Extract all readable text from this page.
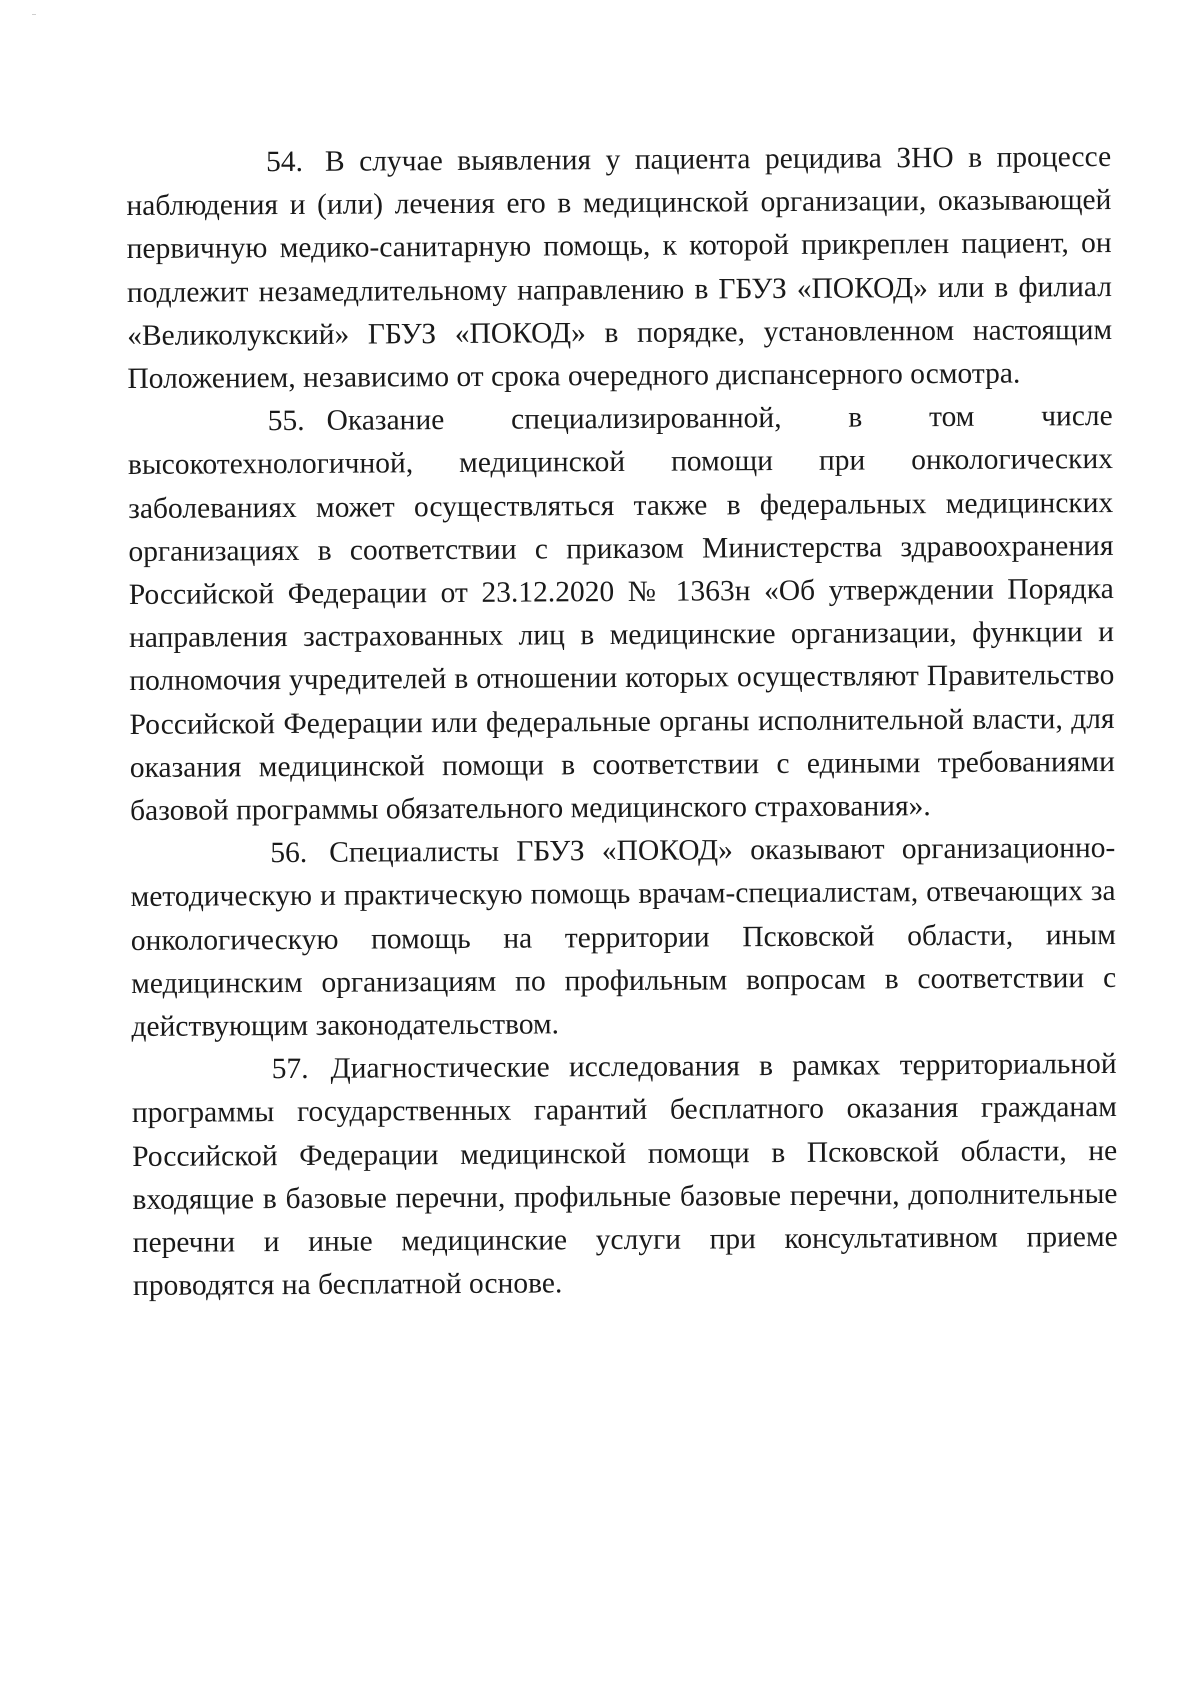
54. В случае выявления у пациента рецидива ЗНО в процессе наблюдения и (или) лечения его в медицинской организации, оказывающей первичную медико-санитарную помощь, к которой прикреплен пациент, он подлежит незамедлительному направлению в ГБУЗ «ПОКОД» или в филиал «Великолукский» ГБУЗ «ПОКОД» в порядке, установленном настоящим Положением, независимо от срока очередного диспансерного осмотра.

55. Оказание специализированной, в том числе высокотехнологичной, медицинской помощи при онкологических заболеваниях может осуществляться также в федеральных медицинских организациях в соответствии с приказом Министерства здравоохранения Российской Федерации от 23.12.2020 № 1363н «Об утверждении Порядка направления застрахованных лиц в медицинские организации, функции и полномочия учредителей в отношении которых осуществляют Правительство Российской Федерации или федеральные органы исполнительной власти, для оказания медицинской помощи в соответствии с едиными требованиями базовой программы обязательного медицинского страхования».

56. Специалисты ГБУЗ «ПОКОД» оказывают организационно-методическую и практическую помощь врачам-специалистам, отвечающих за онкологическую помощь на территории Псковской области, иным медицинским организациям по профильным вопросам в соответствии с действующим законодательством.

57. Диагностические исследования в рамках территориальной программы государственных гарантий бесплатного оказания гражданам Российской Федерации медицинской помощи в Псковской области, не входящие в базовые перечни, профильные базовые перечни, дополнительные перечни и иные медицинские услуги при консультативном приеме проводятся на бесплатной основе.
